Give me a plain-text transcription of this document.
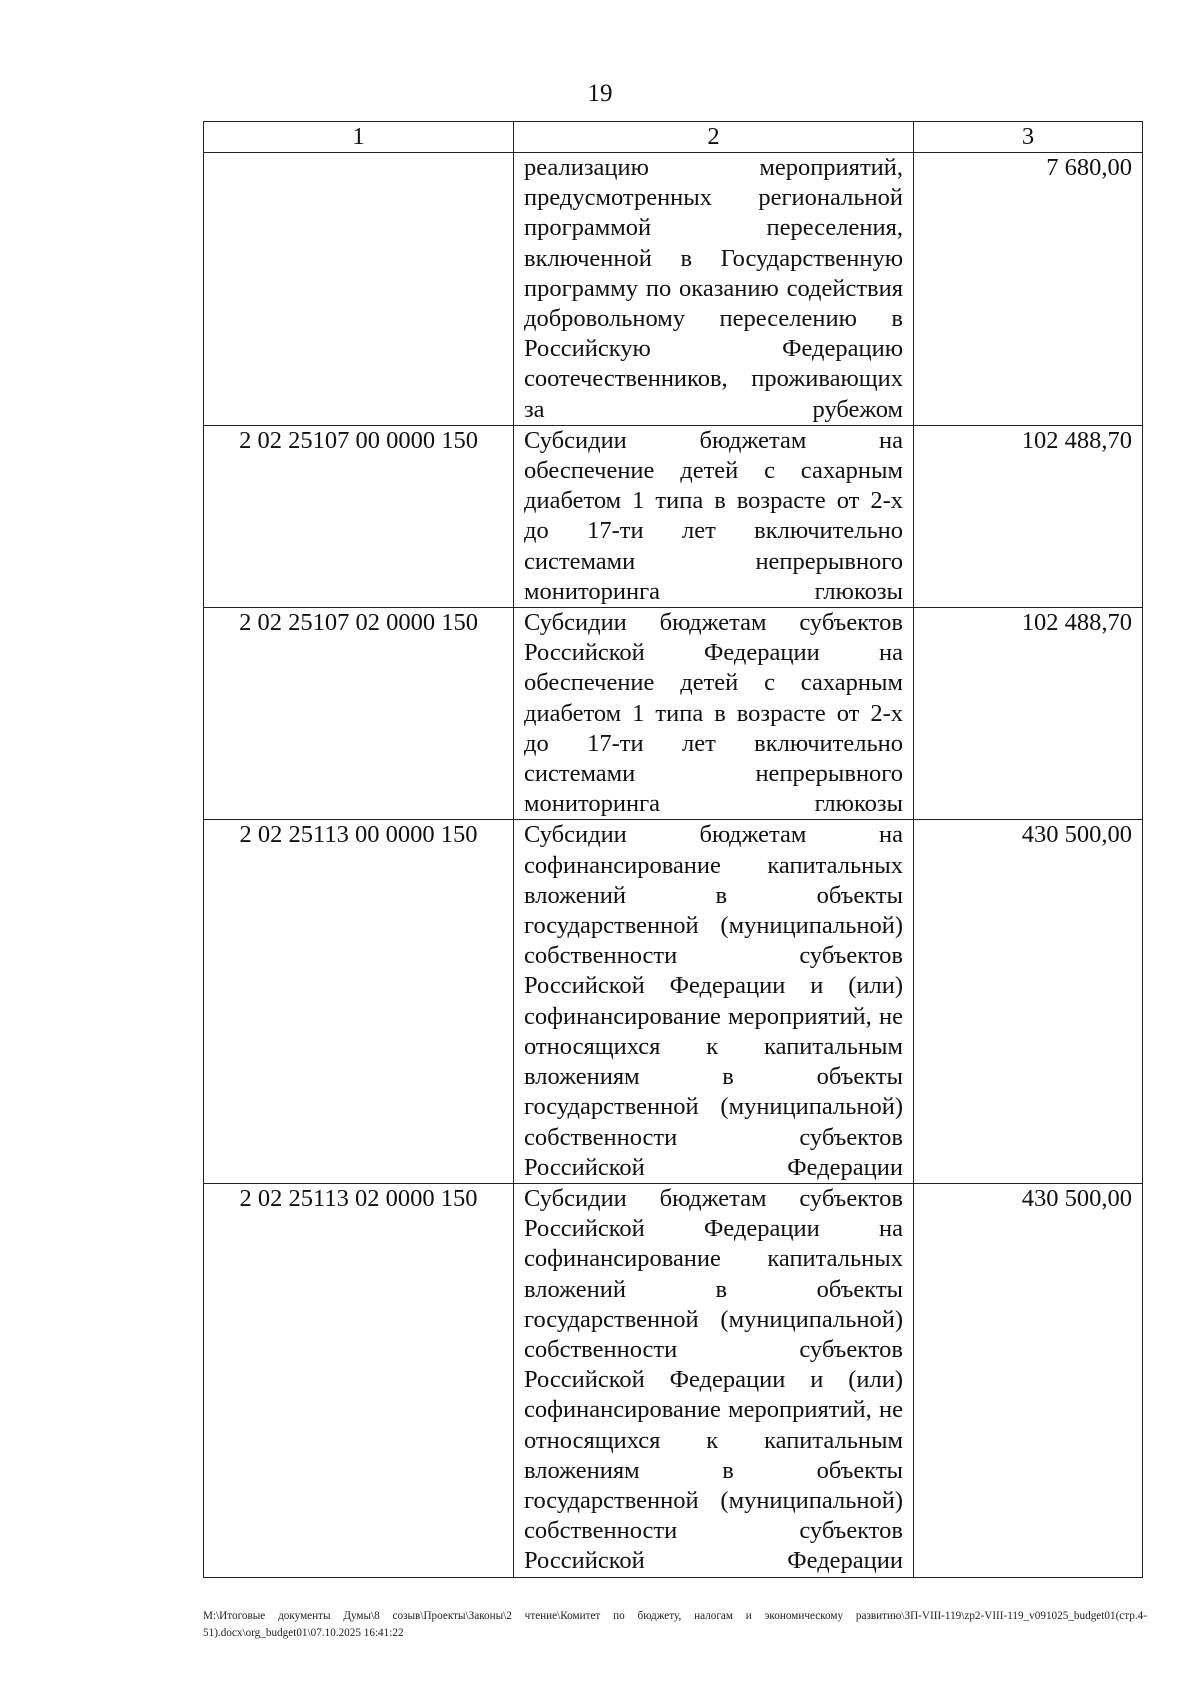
19
1	2	3
	реализацию мероприятий, предусмотренных региональной программой переселения, включенной в Государственную программу по оказанию содействия добровольному переселению в Российскую Федерацию соотечественников, проживающих за рубежом	7 680,00
2 02 25107 00 0000 150	Субсидии бюджетам на обеспечение детей с сахарным диабетом 1 типа в возрасте от 2-х до 17-ти лет включительно системами непрерывного мониторинга глюкозы	102 488,70
2 02 25107 02 0000 150	Субсидии бюджетам субъектов Российской Федерации на обеспечение детей с сахарным диабетом 1 типа в возрасте от 2-х до 17-ти лет включительно системами непрерывного мониторинга глюкозы	102 488,70
2 02 25113 00 0000 150	Субсидии бюджетам на софинансирование капитальных вложений в объекты государственной (муниципальной) собственности субъектов Российской Федерации и (или) софинансирование мероприятий, не относящихся к капитальным вложениям в объекты государственной (муниципальной) собственности субъектов Российской Федерации	430 500,00
2 02 25113 02 0000 150	Субсидии бюджетам субъектов Российской Федерации на софинансирование капитальных вложений в объекты государственной (муниципальной) собственности субъектов Российской Федерации и (или) софинансирование мероприятий, не относящихся к капитальным вложениям в объекты государственной (муниципальной) собственности субъектов Российской Федерации	430 500,00
M:\Итоговые документы Думы\8 созыв\Проекты\Законы\2 чтение\Комитет по бюджету, налогам и экономическому развитию\ЗП-VIII-119\zp2-VIII-119_v091025_budget01(стр.4-51).docx\org_budget01\07.10.2025 16:41:22
